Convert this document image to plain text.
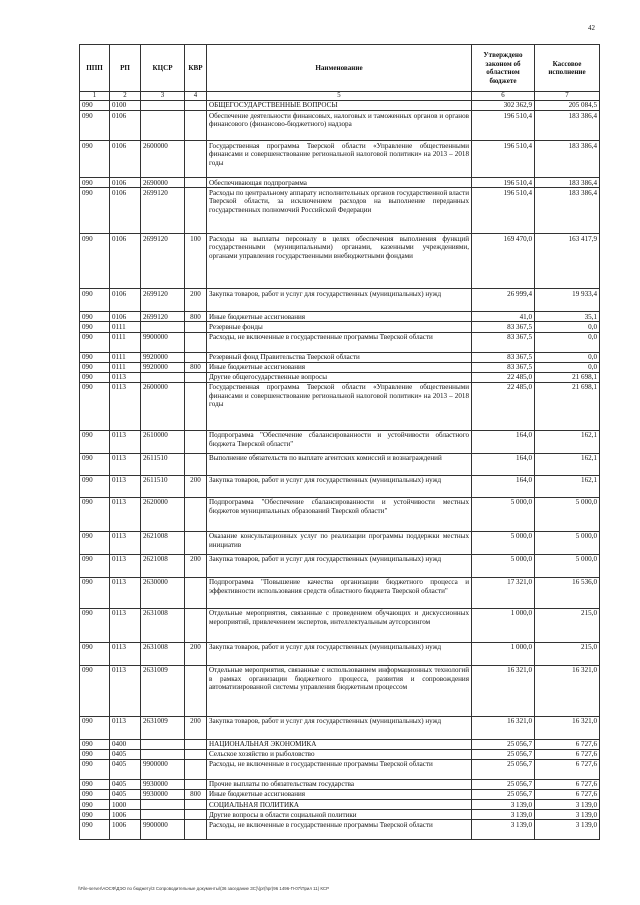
42
ППП	РП	КЦСР	КВР	Наименование	Утверждено законом об областном бюджете	Кассовое исполнение
1	2	3	4	5	6	7
090	0100			ОБЩЕГОСУДАРСТВЕННЫЕ ВОПРОСЫ	302 362,9	205 084,5
090	0106			Обеспечение деятельности финансовых, налоговых и таможенных органов и органов финансового (финансово-бюджетного) надзора	196 510,4	183 386,4
090	0106	2600000		Государственная программа Тверской области «Управление общественными финансами и совершенствование региональной налоговой политики» на 2013 – 2018 годы	196 510,4	183 386,4
090	0106	2690000		Обеспечивающая подпрограмма	196 510,4	183 386,4
090	0106	2699120		Расходы по центральному аппарату исполнительных органов государственной власти Тверской области, за исключением расходов на выполнение переданных государственных полномочий Российской Федерации	196 510,4	183 386,4
090	0106	2699120	100	Расходы на выплаты персоналу в целях обеспечения выполнения функций государственными (муниципальными) органами, казенными учреждениями, органами управления государственными внебюджетными фондами	169 470,0	163 417,9
090	0106	2699120	200	Закупка товаров, работ и услуг для государственных (муниципальных) нужд	26 999,4	19 933,4
090	0106	2699120	800	Иные бюджетные ассигнования	41,0	35,1
090	0111			Резервные фонды	83 367,5	0,0
090	0111	9900000		Расходы, не включенные в государственные программы Тверской области	83 367,5	0,0
090	0111	9920000		Резервный фонд Правительства Тверской области	83 367,5	0,0
090	0111	9920000	800	Иные бюджетные ассигнования	83 367,5	0,0
090	0113			Другие общегосударственные вопросы	22 485,0	21 698,1
090	0113	2600000		Государственная программа Тверской области «Управление общественными финансами и совершенствование региональной налоговой политики» на 2013 – 2018 годы	22 485,0	21 698,1
090	0113	2610000		Подпрограмма "Обеспечение сбалансированности и устойчивости областного бюджета Тверской области"	164,0	162,1
090	0113	2611510		Выполнение обязательств по выплате агентских комиссий и вознаграждений	164,0	162,1
090	0113	2611510	200	Закупка товаров, работ и услуг для государственных (муниципальных) нужд	164,0	162,1
090	0113	2620000		Подпрограмма "Обеспечение сбалансированности и устойчивости местных бюджетов муниципальных образований Тверской области"	5 000,0	5 000,0
090	0113	2621008		Оказание консультационных услуг по реализации программы поддержки местных инициатив	5 000,0	5 000,0
090	0113	2621008	200	Закупка товаров, работ и услуг для государственных (муниципальных) нужд	5 000,0	5 000,0
090	0113	2630000		Подпрограмма "Повышение качества организации бюджетного процесса и эффективности использования средств областного бюджета Тверской области"	17 321,0	16 536,0
090	0113	2631008		Отдельные мероприятия, связанные с проведением обучающих и дискуссионных мероприятий, привлечением экспертов, интеллектуальным аутсорсингом	1 000,0	215,0
090	0113	2631008	200	Закупка товаров, работ и услуг для государственных (муниципальных) нужд	1 000,0	215,0
090	0113	2631009		Отдельные мероприятия, связанные с использованием информационных технологий в рамках организации бюджетного процесса, развития и сопровождения автоматизированной системы управления бюджетным процессом	16 321,0	16 321,0
090	0113	2631009	200	Закупка товаров, работ и услуг для государственных (муниципальных) нужд	16 321,0	16 321,0
090	0400			НАЦИОНАЛЬНАЯ ЭКОНОМИКА	25 056,7	6 727,6
090	0405			Сельское хозяйство и рыболовство	25 056,7	6 727,6
090	0405	9900000		Расходы, не включенные в государственные программы Тверской области	25 056,7	6 727,6
090	0405	9930000		Прочие выплаты по обязательствам государства	25 056,7	6 727,6
090	0405	9930000	800	Иные бюджетные ассигнования	25 056,7	6 727,6
090	1000			СОЦИАЛЬНАЯ ПОЛИТИКА	3 139,0	3 139,0
090	1006			Другие вопросы в области социальной политики	3 139,0	3 139,0
090	1006	9900000		Расходы, не включенные в государственные программы Тверской области	3 139,0	3 139,0
\\File-server\АОСФ\ДЭО по бюджету\3 Сопроводительные документы\(36 заседание ЗС)\(pr(hpr)96 1496-П-07\Прил 11) КСР
